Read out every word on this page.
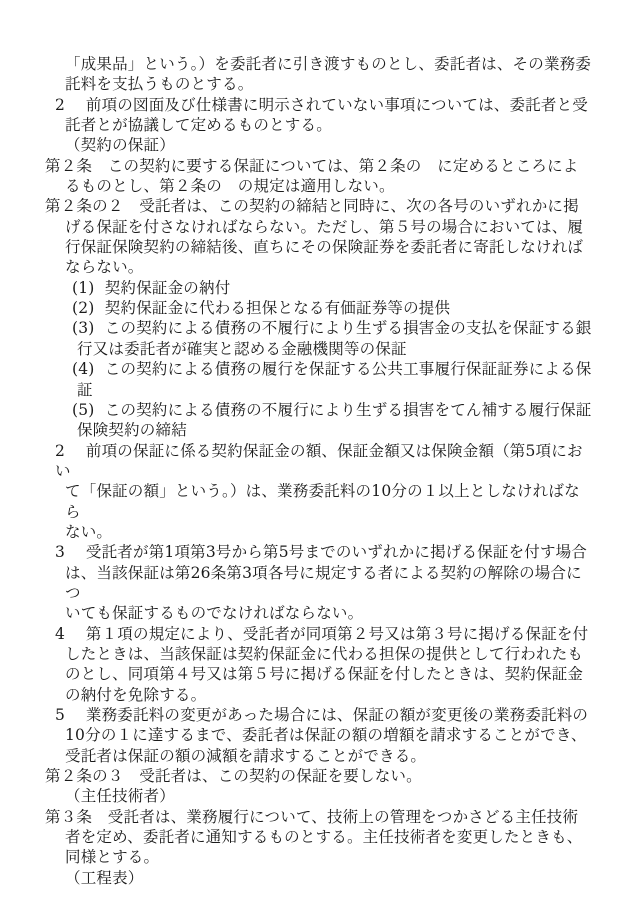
「成果品」という。）を委託者に引き渡すものとし、委託者は、その業務委
託料を支払うものとする。
2　 前項の図面及び仕様書に明示されていない事項については、委託者と受
託者とが協議して定めるものとする。
（契約の保証）
第２条　この契約に要する保証については、第２条の　に定めるところによ
るものとし、第２条の　の規定は適用しない。
第２条の２　受託者は、この契約の締結と同時に、次の各号のいずれかに掲
げる保証を付さなければならない。ただし、第５号の場合においては、履
行保証保険契約の締結後、直ちにその保険証券を委託者に寄託しなければ
ならない。
(1)  契約保証金の納付
(2)  契約保証金に代わる担保となる有価証券等の提供
(3)  この契約による債務の不履行により生ずる損害金の支払を保証する銀
行又は委託者が確実と認める金融機関等の保証
(4)  この契約による債務の履行を保証する公共工事履行保証証券による保
証
(5)  この契約による債務の不履行により生ずる損害をてん補する履行保証
保険契約の締結
2　 前項の保証に係る契約保証金の額、保証金額又は保険金額（第5項におい
て「保証の額」という。）は、業務委託料の10分の１以上としなければなら
ない。
3　 受託者が第1項第3号から第5号までのいずれかに掲げる保証を付す場合
は、当該保証は第26条第3項各号に規定する者による契約の解除の場合につ
いても保証するものでなければならない。
4　 第１項の規定により、受託者が同項第２号又は第３号に掲げる保証を付
したときは、当該保証は契約保証金に代わる担保の提供として行われたも
のとし、同項第４号又は第５号に掲げる保証を付したときは、契約保証金
の納付を免除する。
5　 業務委託料の変更があった場合には、保証の額が変更後の業務委託料の
10分の１に達するまで、委託者は保証の額の増額を請求することができ、
受託者は保証の額の減額を請求することができる。
第２条の３　受託者は、この契約の保証を要しない。
（主任技術者）
第３条　受託者は、業務履行について、技術上の管理をつかさどる主任技術
者を定め、委託者に通知するものとする。主任技術者を変更したときも、
同様とする。
（工程表）
